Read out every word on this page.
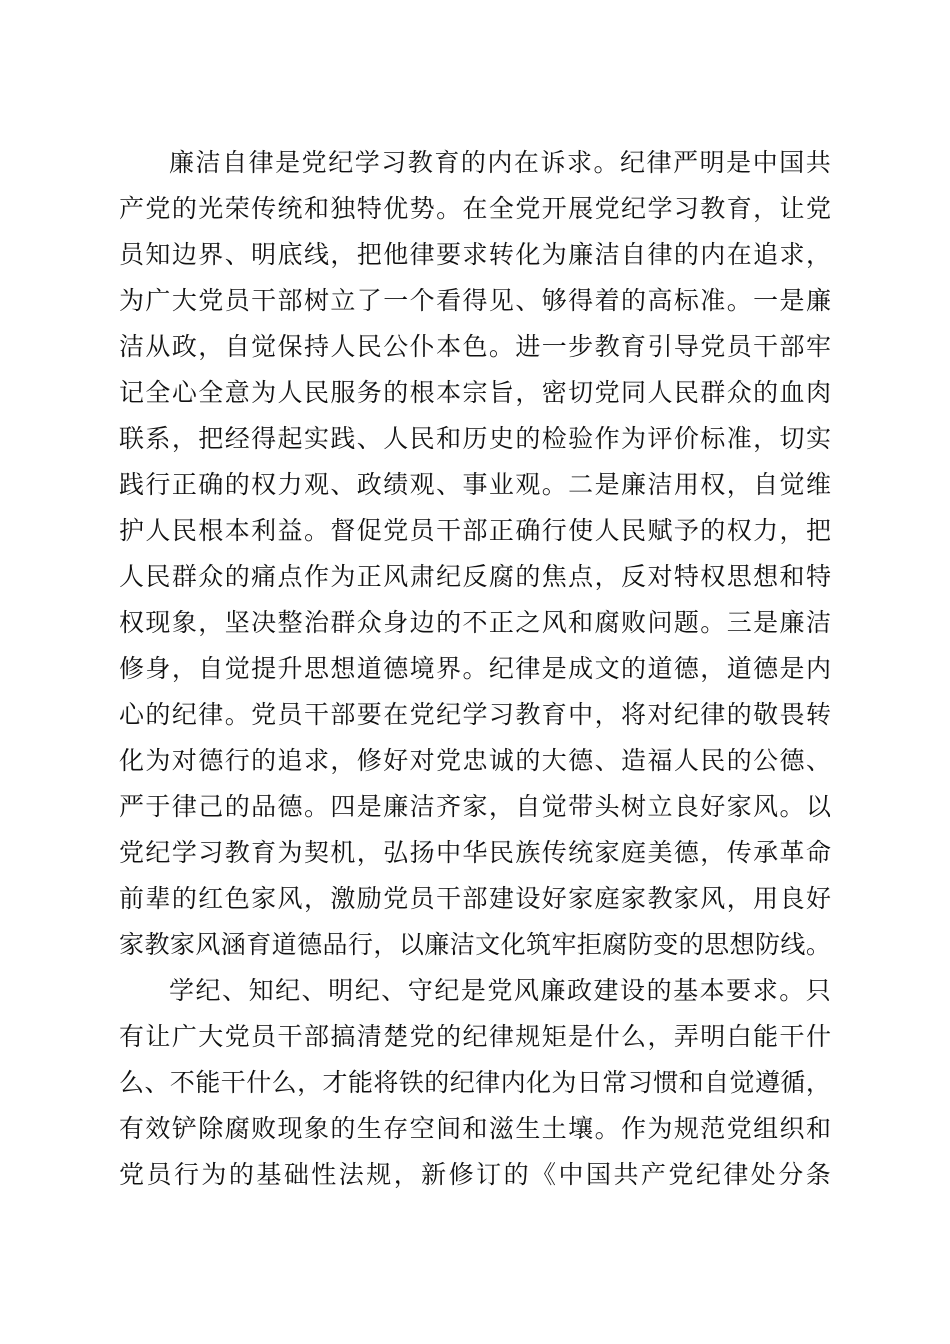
廉 洁 自 律 是 党 纪 学 习 教 育 的 内 在 诉 求 。 纪 律 严 明 是 中 国 共
产 党 的 光 荣 传 统 和 独 特 优 势 。 在 全 党 开 展 党 纪 学 习 教 育 ， 让 党
员 知 边 界 、 明 底 线 ， 把 他 律 要 求 转 化 为 廉 洁 自 律 的 内 在 追 求 ，
为 广 大 党 员 干 部 树 立 了 一 个 看 得 见 、 够 得 着 的 高 标 准 。 一 是 廉
洁 从 政 ， 自 觉 保 持 人 民 公 仆 本 色 。 进 一 步 教 育 引 导 党 员 干 部 牢
记 全 心 全 意 为 人 民 服 务 的 根 本 宗 旨 ， 密 切 党 同 人 民 群 众 的 血 肉
联 系 ， 把 经 得 起 实 践 、 人 民 和 历 史 的 检 验 作 为 评 价 标 准 ， 切 实
践 行 正 确 的 权 力 观 、 政 绩 观 、 事 业 观 。 二 是 廉 洁 用 权 ， 自 觉 维
护 人 民 根 本 利 益 。 督 促 党 员 干 部 正 确 行 使 人 民 赋 予 的 权 力 ， 把
人 民 群 众 的 痛 点 作 为 正 风 肃 纪 反 腐 的 焦 点 ， 反 对 特 权 思 想 和 特
权 现 象 ， 坚 决 整 治 群 众 身 边 的 不 正 之 风 和 腐 败 问 题 。 三 是 廉 洁
修 身 ， 自 觉 提 升 思 想 道 德 境 界 。 纪 律 是 成 文 的 道 德 ， 道 德 是 内
心 的 纪 律 。 党 员 干 部 要 在 党 纪 学 习 教 育 中 ， 将 对 纪 律 的 敬 畏 转
化 为 对 德 行 的 追 求 ， 修 好 对 党 忠 诚 的 大 德 、 造 福 人 民 的 公 德 、
严 于 律 己 的 品 德 。 四 是 廉 洁 齐 家 ， 自 觉 带 头 树 立 良 好 家 风 。 以
党 纪 学 习 教 育 为 契 机 ， 弘 扬 中 华 民 族 传 统 家 庭 美 德 ， 传 承 革 命
前 辈 的 红 色 家 风 ， 激 励 党 员 干 部 建 设 好 家 庭 家 教 家 风 ， 用 良 好
家 教 家 风 涵 育 道 德 品 行 ， 以 廉 洁 文 化 筑 牢 拒 腐 防 变 的 思 想 防 线 。
学 纪 、 知 纪 、 明 纪 、 守 纪 是 党 风 廉 政 建 设 的 基 本 要 求 。 只
有 让 广 大 党 员 干 部 搞 清 楚 党 的 纪 律 规 矩 是 什 么 ， 弄 明 白 能 干 什
么 、 不 能 干 什 么 ， 才 能 将 铁 的 纪 律 内 化 为 日 常 习 惯 和 自 觉 遵 循 ，
有 效 铲 除 腐 败 现 象 的 生 存 空 间 和 滋 生 土 壤 。 作 为 规 范 党 组 织 和
党 员 行 为 的 基 础 性 法 规 ， 新 修 订 的 《 中 国 共 产 党 纪 律 处 分 条
